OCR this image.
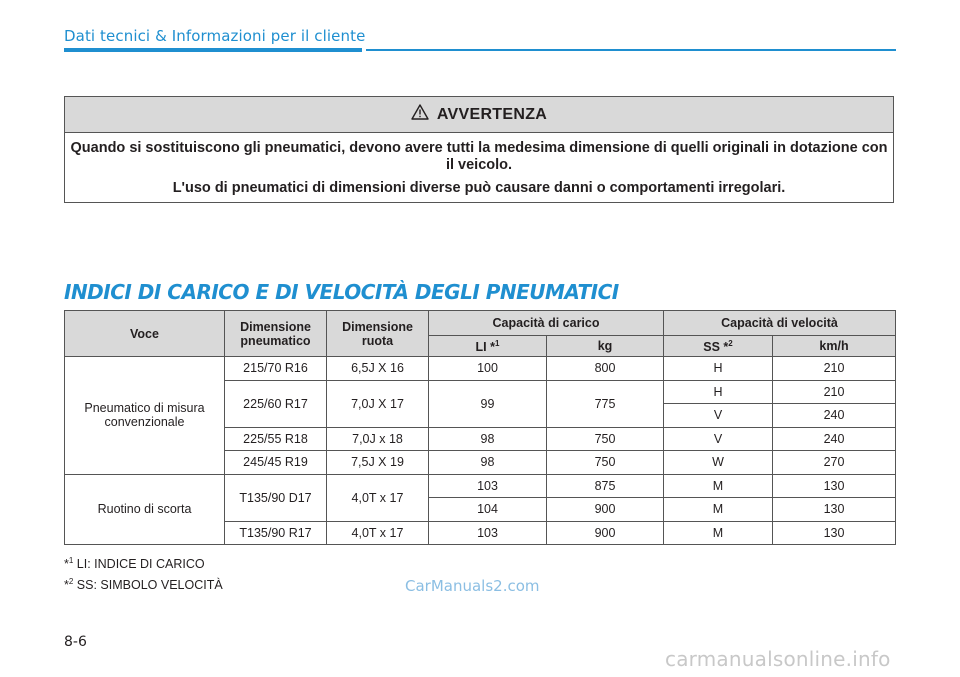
Dati tecnici & Informazioni per il cliente
AVVERTENZA

Quando si sostituiscono gli pneumatici, devono avere tutti la medesima dimensione di quelli originali in dotazione con il veicolo.

L'uso di pneumatici di dimensioni diverse può causare danni o comportamenti irregolari.

INDICI DI CARICO E DI VELOCITÀ DEGLI PNEUMATICI
Voce	Dimensione pneumatico	Dimensione ruota	Capacità di carico		Capacità di velocità	
			LI *$^1$	kg	SS *$^2$	km/h
Pneumatico di misura convenzionale	215/70 R16	6,5J X 16	100	800	H	210
	225/60 R17	7,0J X 17	99	775	H	210
					V	240
	225/55 R18	7,0J x 18	98	750	V	240
	245/45 R19	7,5J X 19	98	750	W	270
Ruotino di scorta	T135/90 D17	4,0T x 17	103	875	M	130
			104	900	M	130
	T135/90 R17	4,0T x 17	103	900	M	130
*$^1$ LI: INDICE DI CARICO
*$^2$ SS: SIMBOLO VELOCITÀ	CarManuals2.com
8-6
carmanualsonline.info
